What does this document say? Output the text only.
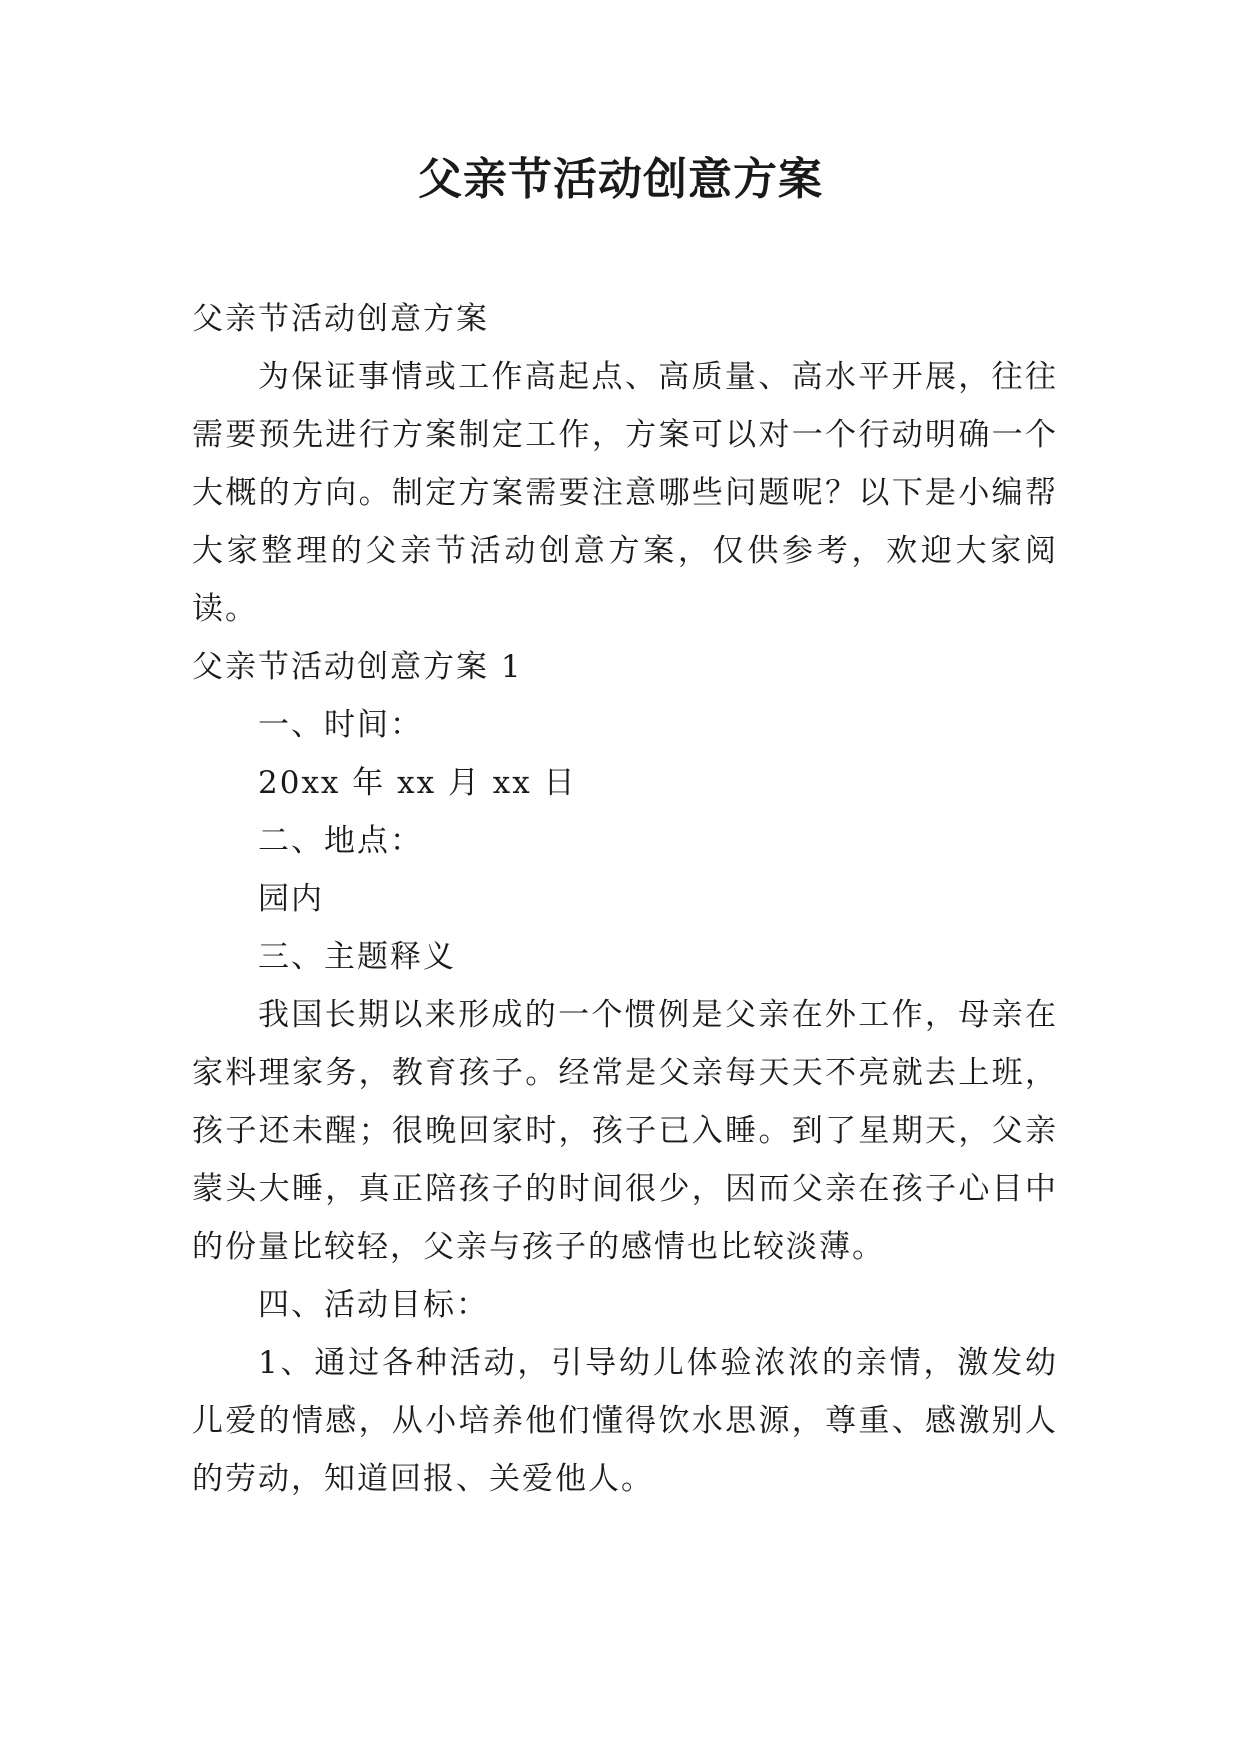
父亲节活动创意方案

父亲节活动创意方案

为保证事情或工作高起点、高质量、高水平开展，往往需要预先进行方案制定工作，方案可以对一个行动明确一个大概的方向。制定方案需要注意哪些问题呢？以下是小编帮大家整理的父亲节活动创意方案，仅供参考，欢迎大家阅读。

父亲节活动创意方案 1

一、时间：

20xx 年 xx 月 xx 日

二、地点：

园内

三、主题释义

我国长期以来形成的一个惯例是父亲在外工作，母亲在家料理家务，教育孩子。经常是父亲每天天不亮就去上班，孩子还未醒；很晚回家时，孩子已入睡。到了星期天，父亲蒙头大睡，真正陪孩子的时间很少，因而父亲在孩子心目中的份量比较轻，父亲与孩子的感情也比较淡薄。

四、活动目标：

1、通过各种活动，引导幼儿体验浓浓的亲情，激发幼儿爱的情感，从小培养他们懂得饮水思源，尊重、感激别人的劳动，知道回报、关爱他人。
